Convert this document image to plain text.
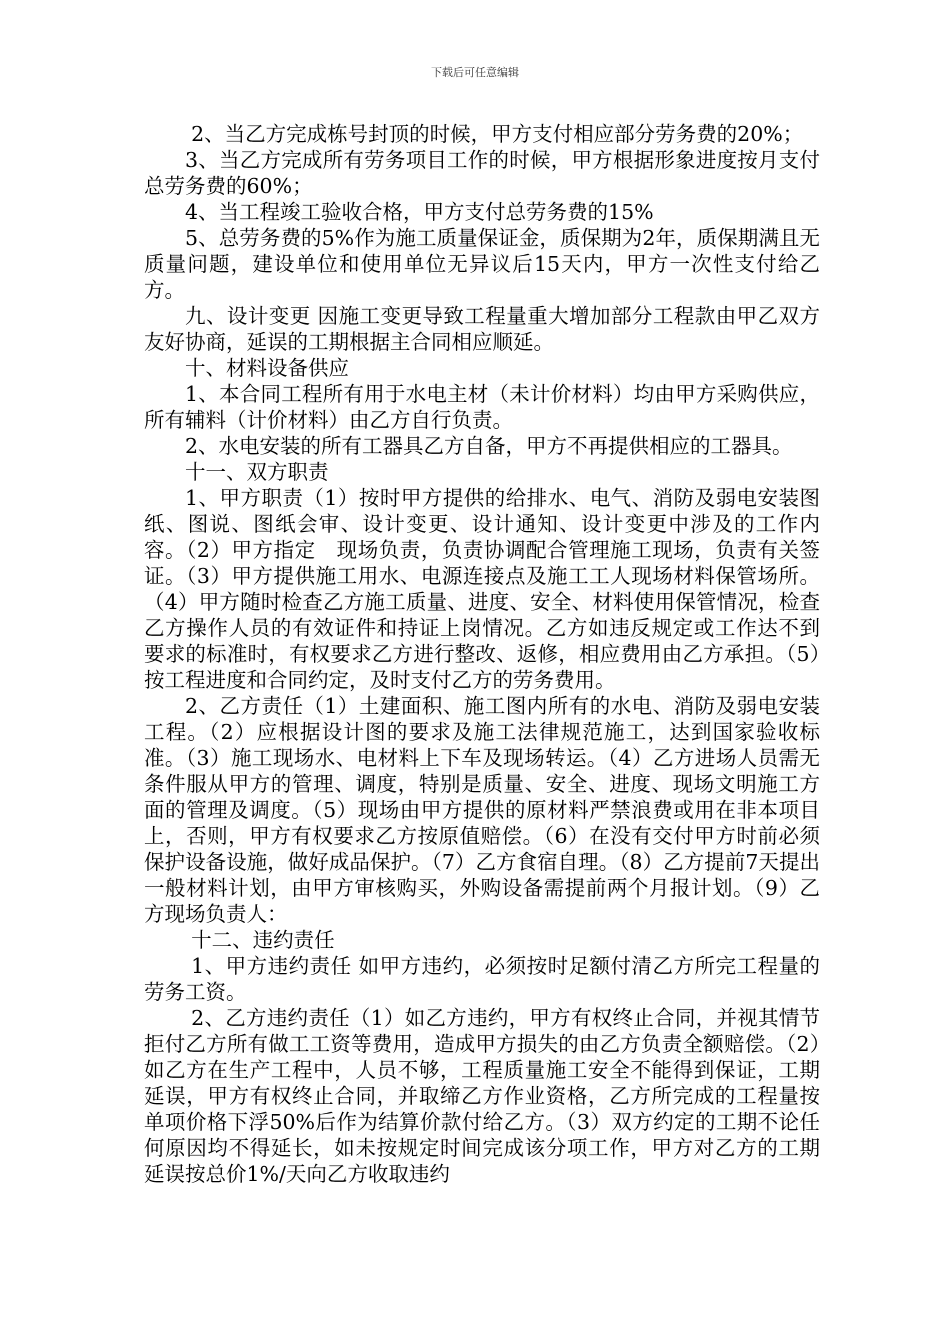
下载后可任意编辑

2、当乙方完成栋号封顶的时候，甲方支付相应部分劳务费的20%；

3、当乙方完成所有劳务项目工作的时候，甲方根据形象进度按月支付总劳务费的60%；

4、当工程竣工验收合格，甲方支付总劳务费的15%

5、总劳务费的5%作为施工质量保证金，质保期为2年，质保期满且无质量问题，建设单位和使用单位无异议后15天内，甲方一次性支付给乙方。

九、设计变更 因施工变更导致工程量重大增加部分工程款由甲乙双方友好协商，延误的工期根据主合同相应顺延。

十、材料设备供应

1、本合同工程所有用于水电主材（未计价材料）均由甲方采购供应，所有辅料（计价材料）由乙方自行负责。

2、水电安装的所有工器具乙方自备，甲方不再提供相应的工器具。

十一、双方职责

1、甲方职责（1）按时甲方提供的给排水、电气、消防及弱电安装图纸、图说、图纸会审、设计变更、设计通知、设计变更中涉及的工作内容。（2）甲方指定　现场负责，负责协调配合管理施工现场，负责有关签证。（3）甲方提供施工用水、电源连接点及施工工人现场材料保管场所。（4）甲方随时检查乙方施工质量、进度、安全、材料使用保管情况，检查乙方操作人员的有效证件和持证上岗情况。乙方如违反规定或工作达不到要求的标准时，有权要求乙方进行整改、返修，相应费用由乙方承担。（5）按工程进度和合同约定，及时支付乙方的劳务费用。

2、乙方责任（1）土建面积、施工图内所有的水电、消防及弱电安装工程。（2）应根据设计图的要求及施工法律规范施工，达到国家验收标准。（3）施工现场水、电材料上下车及现场转运。（4）乙方进场人员需无条件服从甲方的管理、调度，特别是质量、安全、进度、现场文明施工方面的管理及调度。（5）现场由甲方提供的原材料严禁浪费或用在非本项目上，否则，甲方有权要求乙方按原值赔偿。（6）在没有交付甲方时前必须保护设备设施，做好成品保护。（7）乙方食宿自理。（8）乙方提前7天提出一般材料计划，由甲方审核购买，外购设备需提前两个月报计划。（9）乙方现场负责人：

十二、违约责任

1、甲方违约责任 如甲方违约，必须按时足额付清乙方所完工程量的劳务工资。

2、乙方违约责任（1）如乙方违约，甲方有权终止合同，并视其情节拒付乙方所有做工工资等费用，造成甲方损失的由乙方负责全额赔偿。（2）如乙方在生产工程中，人员不够，工程质量施工安全不能得到保证，工期延误，甲方有权终止合同，并取缔乙方作业资格，乙方所完成的工程量按单项价格下浮50%后作为结算价款付给乙方。（3）双方约定的工期不论任何原因均不得延长，如未按规定时间完成该分项工作，甲方对乙方的工期延误按总价1%/天向乙方收取违约
